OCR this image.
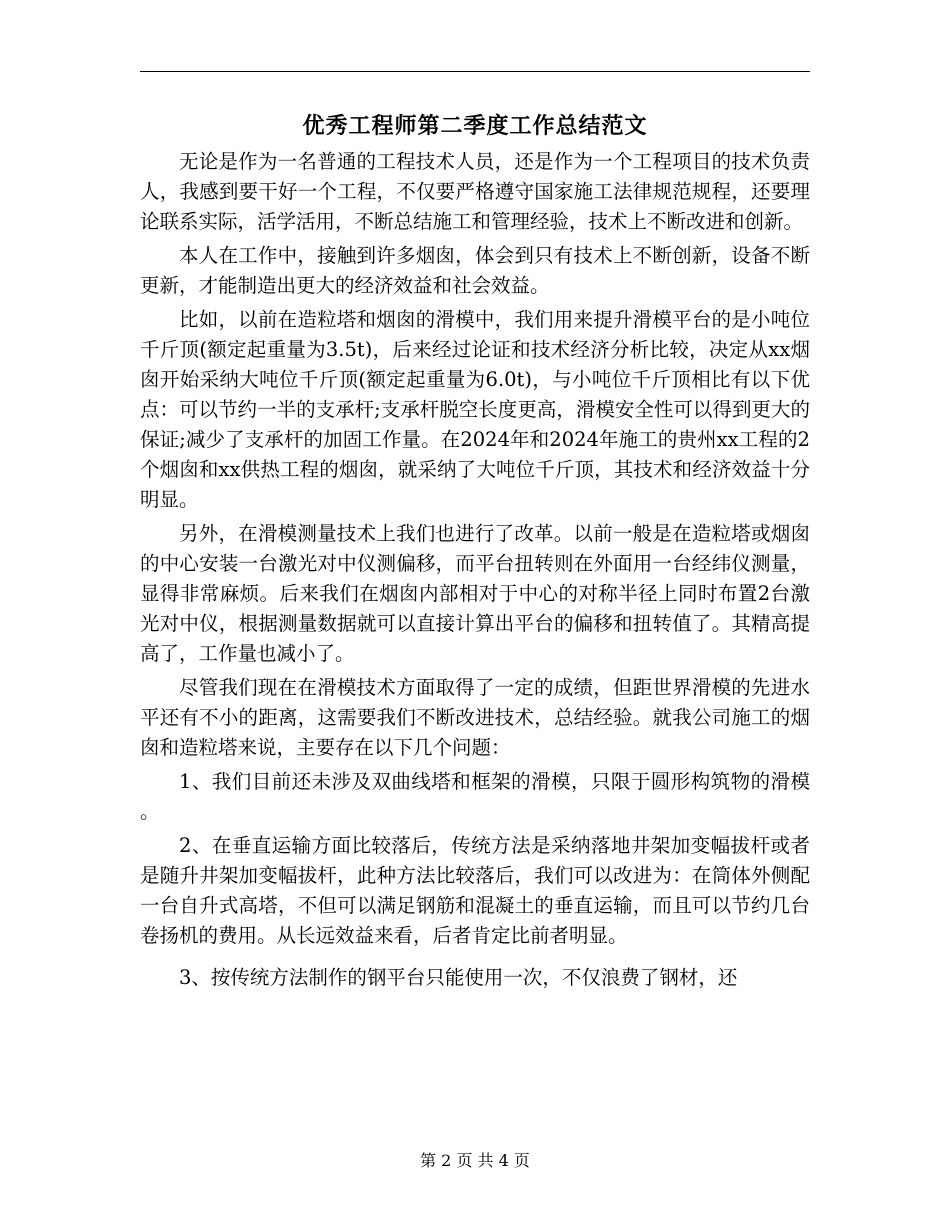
优秀工程师第二季度工作总结范文

无论是作为一名普通的工程技术人员，还是作为一个工程项目的技术负责人，我感到要干好一个工程，不仅要严格遵守国家施工法律规范规程，还要理论联系实际，活学活用，不断总结施工和管理经验，技术上不断改进和创新。

本人在工作中，接触到许多烟囱，体会到只有技术上不断创新，设备不断更新，才能制造出更大的经济效益和社会效益。

比如，以前在造粒塔和烟囱的滑模中，我们用来提升滑模平台的是小吨位千斤顶(额定起重量为3.5t)，后来经过论证和技术经济分析比较，决定从xx烟囱开始采纳大吨位千斤顶(额定起重量为6.0t)，与小吨位千斤顶相比有以下优点：可以节约一半的支承杆;支承杆脱空长度更高，滑模安全性可以得到更大的保证;减少了支承杆的加固工作量。在2024年和2024年施工的贵州xx工程的2个烟囱和xx供热工程的烟囱，就采纳了大吨位千斤顶，其技术和经济效益十分明显。

另外，在滑模测量技术上我们也进行了改革。以前一般是在造粒塔或烟囱的中心安装一台激光对中仪测偏移，而平台扭转则在外面用一台经纬仪测量，显得非常麻烦。后来我们在烟囱内部相对于中心的对称半径上同时布置2台激光对中仪，根据测量数据就可以直接计算出平台的偏移和扭转值了。其精高提高了，工作量也减小了。

尽管我们现在在滑模技术方面取得了一定的成绩，但距世界滑模的先进水平还有不小的距离，这需要我们不断改进技术，总结经验。就我公司施工的烟囱和造粒塔来说，主要存在以下几个问题：

1、我们目前还未涉及双曲线塔和框架的滑模，只限于圆形构筑物的滑模。

2、在垂直运输方面比较落后，传统方法是采纳落地井架加变幅拔杆或者是随升井架加变幅拔杆，此种方法比较落后，我们可以改进为：在筒体外侧配一台自升式高塔，不但可以满足钢筋和混凝土的垂直运输，而且可以节约几台卷扬机的费用。从长远效益来看，后者肯定比前者明显。

3、按传统方法制作的钢平台只能使用一次，不仅浪费了钢材，还

第 2 页 共 4 页
